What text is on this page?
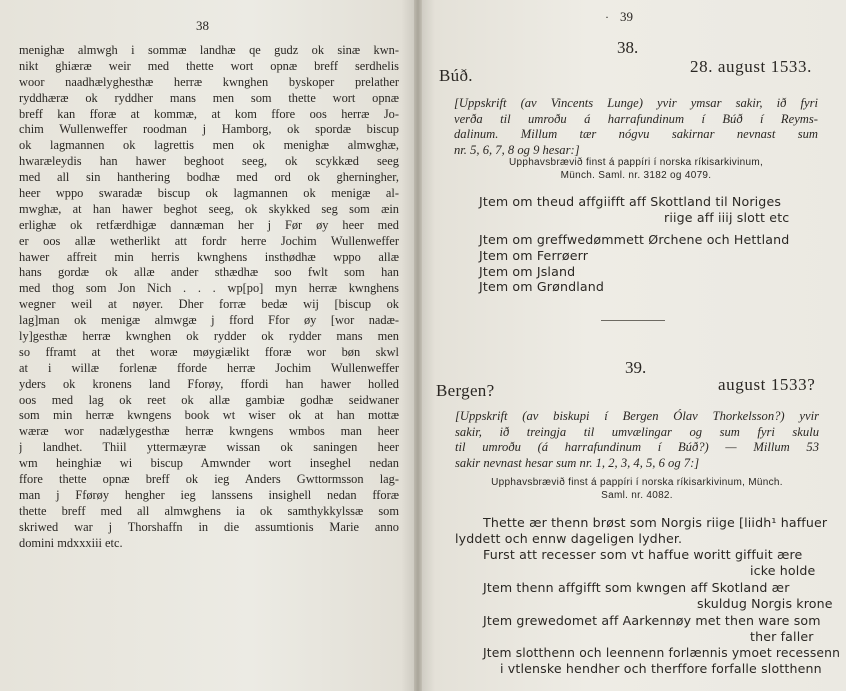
38
menighæ almwgh i sommæ landhæ qe gudz ok sinæ kwn-
nikt ghiæræ weir med thette wort opnæ breff serdhelis
woor naadhælyghesthæ herræ kwnghen byskoper prelather
ryddhæræ ok ryddher mans men som thette wort opnæ
breff kan fforæ at kommæ, at kom ffore oos herræ Jo-
chim Wullenweffer roodman j Hamborg, ok spordæ biscup
ok lagmannen ok lagrettis men ok menighæ almwghæ,
hwaræleydis han hawer beghoot seeg, ok scykkæd seeg
med all sin hanthering bodhæ med ord ok gherningher,
heer wppo swaradæ biscup ok lagmannen ok menigæ al-
mwghæ, at han hawer beghot seeg, ok skykked seg som æin
erlighæ ok retfærdhigæ dannæman her j Før øy heer med
er oos allæ wetherlikt att fordr herre Jochim Wullenweffer
hawer affreit min herris kwnghens insthødhæ wppo allæ
hans gordæ ok allæ ander sthædhæ soo fwlt som han
med thog som Jon Nich . . . wp[po] myn herræ kwnghens
wegner weil at nøyer. Dher forræ bedæ wij [biscup ok
lag]man ok menigæ almwgæ j fford Ffor øy [wor nadæ-
ly]gesthæ herræ kwnghen ok rydder ok rydder mans men
so fframt at thet woræ møygiælikt fforæ wor bøn skwl
at i willæ forlenæ fforde herræ Jochim Wullenweffer
yders ok kronens land Fforøy, ffordi han hawer holled
oos med lag ok reet ok allæ gambiæ godhæ seidwaner
som min herræ kwngens book wt wiser ok at han mottæ
wæræ wor nadælygesthæ herræ kwngens wmbos man heer
j landhet. Thiil yttermæyræ wissan ok saningen heer
wm heinghiæ wi biscup Amwnder wort inseghel nedan
ffore thette opnæ breff ok ieg Anders Gwttormsson lag-
man j Fførøy hengher ieg lanssens insighell nedan fforæ
thette breff med all almwghens ia ok samthykkylssæ som
skriwed war j Thorshaffn in die assumtionis Marie anno
domini mdxxxiii etc.
· 39
38.
Búð.	28. august 1533.
[Uppskrift (av Vincents Lunge) yvir ymsar sakir, ið fyri
verða til umroðu á harrafundinum í Búð í Reyms-
dalinum. Millum tær nógvu sakirnar nevnast sum
nr. 5, 6, 7, 8 og 9 hesar:]
Upphavsbrævið finst á pappíri í norska ríkisarkivinum,
Münch. Saml. nr. 3182 og 4079.
Jtem om theud affgiifft aff Skottland til Noriges
riige aff iiij slott etc
Jtem om greffwedømmett Ørchene och Hettland
Jtem om Ferrøerr
Jtem om Jsland
Jtem om Grøndland
39.
Bergen?	august 1533?
[Uppskrift (av biskupi í Bergen Ólav Thorkelsson?) yvir
sakir, ið treingja til umvælingar og sum fyri skulu
til umroðu (á harrafundinum í Búð?) — Millum 53
sakir nevnast hesar sum nr. 1, 2, 3, 4, 5, 6 og 7:]
Upphavsbrævið finst á pappíri í norska ríkisarkivinum, Münch.
Saml. nr. 4082.
Thette ær thenn brøst som Norgis riige [liidh¹ haffuer
lyddett och ennw dageligen lydher.
Furst att recesser som vt haffue woritt giffuit ære
icke holde
Jtem thenn affgifft som kwngen aff Skotland ær
skuldug Norgis krone
Jtem grewedomet aff Aarkennøy met then ware som
ther faller
Jtem slotthenn och leennenn forlænnis ymoet recessenn
i vtlenske hendher och therffore forfalle slotthenn
